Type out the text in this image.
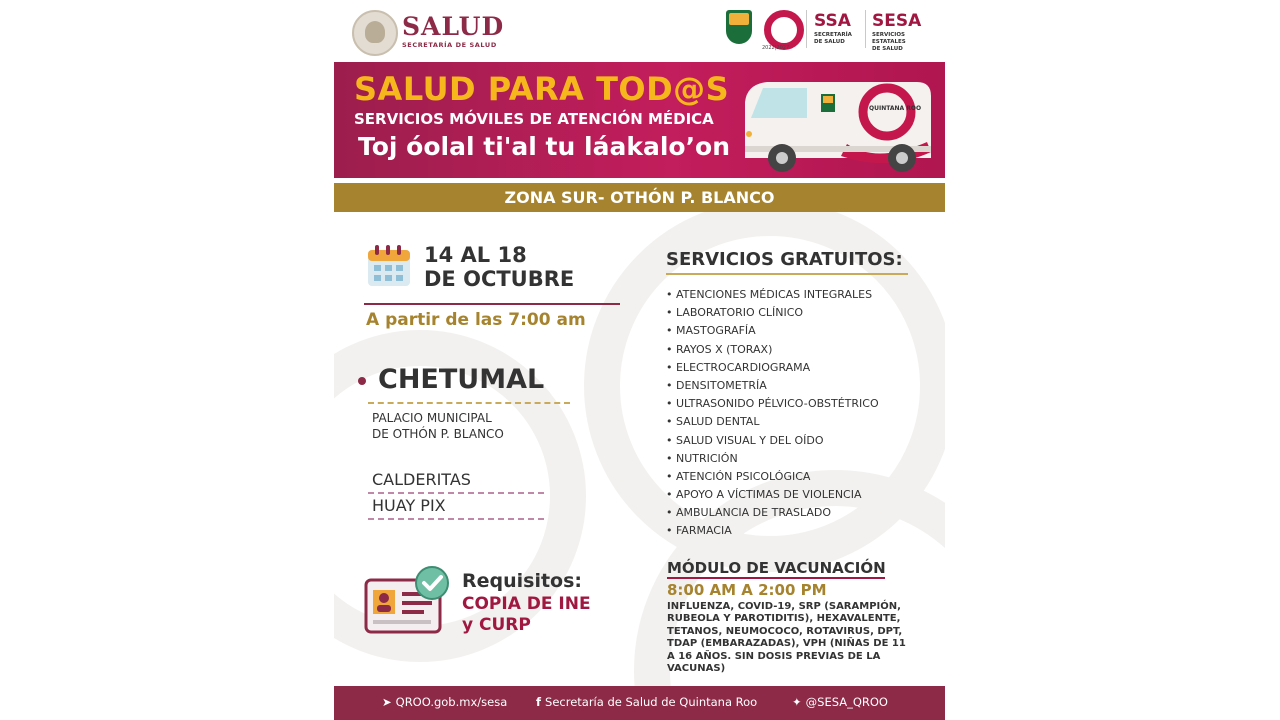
SALUD
SECRETARÍA DE SALUD	2022|2027
SSA
SECRETARÍA
DE SALUD
SESA
SERVICIOS ESTATALES
DE SALUD
SALUD PARA TOD@S
SERVICIOS MÓVILES DE ATENCIÓN MÉDICA
Toj óolal ti'al tu láakalo’on
QUINTANA ROO
ZONA SUR- OTHÓN P. BLANCO
14 AL 18
DE OCTUBRE
A partir de las 7:00 am
CHETUMAL
PALACIO MUNICIPAL
DE OTHÓN P. BLANCO
CALDERITAS
HUAY PIX
Requisitos:
COPIA DE INE
y CURP
SERVICIOS GRATUITOS:
• ATENCIONES MÉDICAS INTEGRALES
• LABORATORIO CLÍNICO
• MASTOGRAFÍA
• RAYOS X (TORAX)
• ELECTROCARDIOGRAMA
• DENSITOMETRÍA
• ULTRASONIDO PÉLVICO-OBSTÉTRICO
• SALUD DENTAL
• SALUD VISUAL Y DEL OÍDO
• NUTRICIÓN
• ATENCIÓN PSICOLÓGICA
• APOYO A VÍCTIMAS DE VIOLENCIA
• AMBULANCIA DE TRASLADO
• FARMACIA
MÓDULO DE VACUNACIÓN
8:00 AM A 2:00 PM
INFLUENZA, COVID-19, SRP (SARAMPIÓN,
RUBEOLA Y PAROTIDITIS), HEXAVALENTE,
TETANOS, NEUMOCOCO, ROTAVIRUS, DPT,
TDAP (EMBARAZADAS), VPH (NIÑAS DE 11
A 16 AÑOS. SIN DOSIS PREVIAS DE LA VACUNAS)
➤ QROO.gob.mx/sesa f Secretaría de Salud de Quintana Roo	✦ @SESA_QROO
